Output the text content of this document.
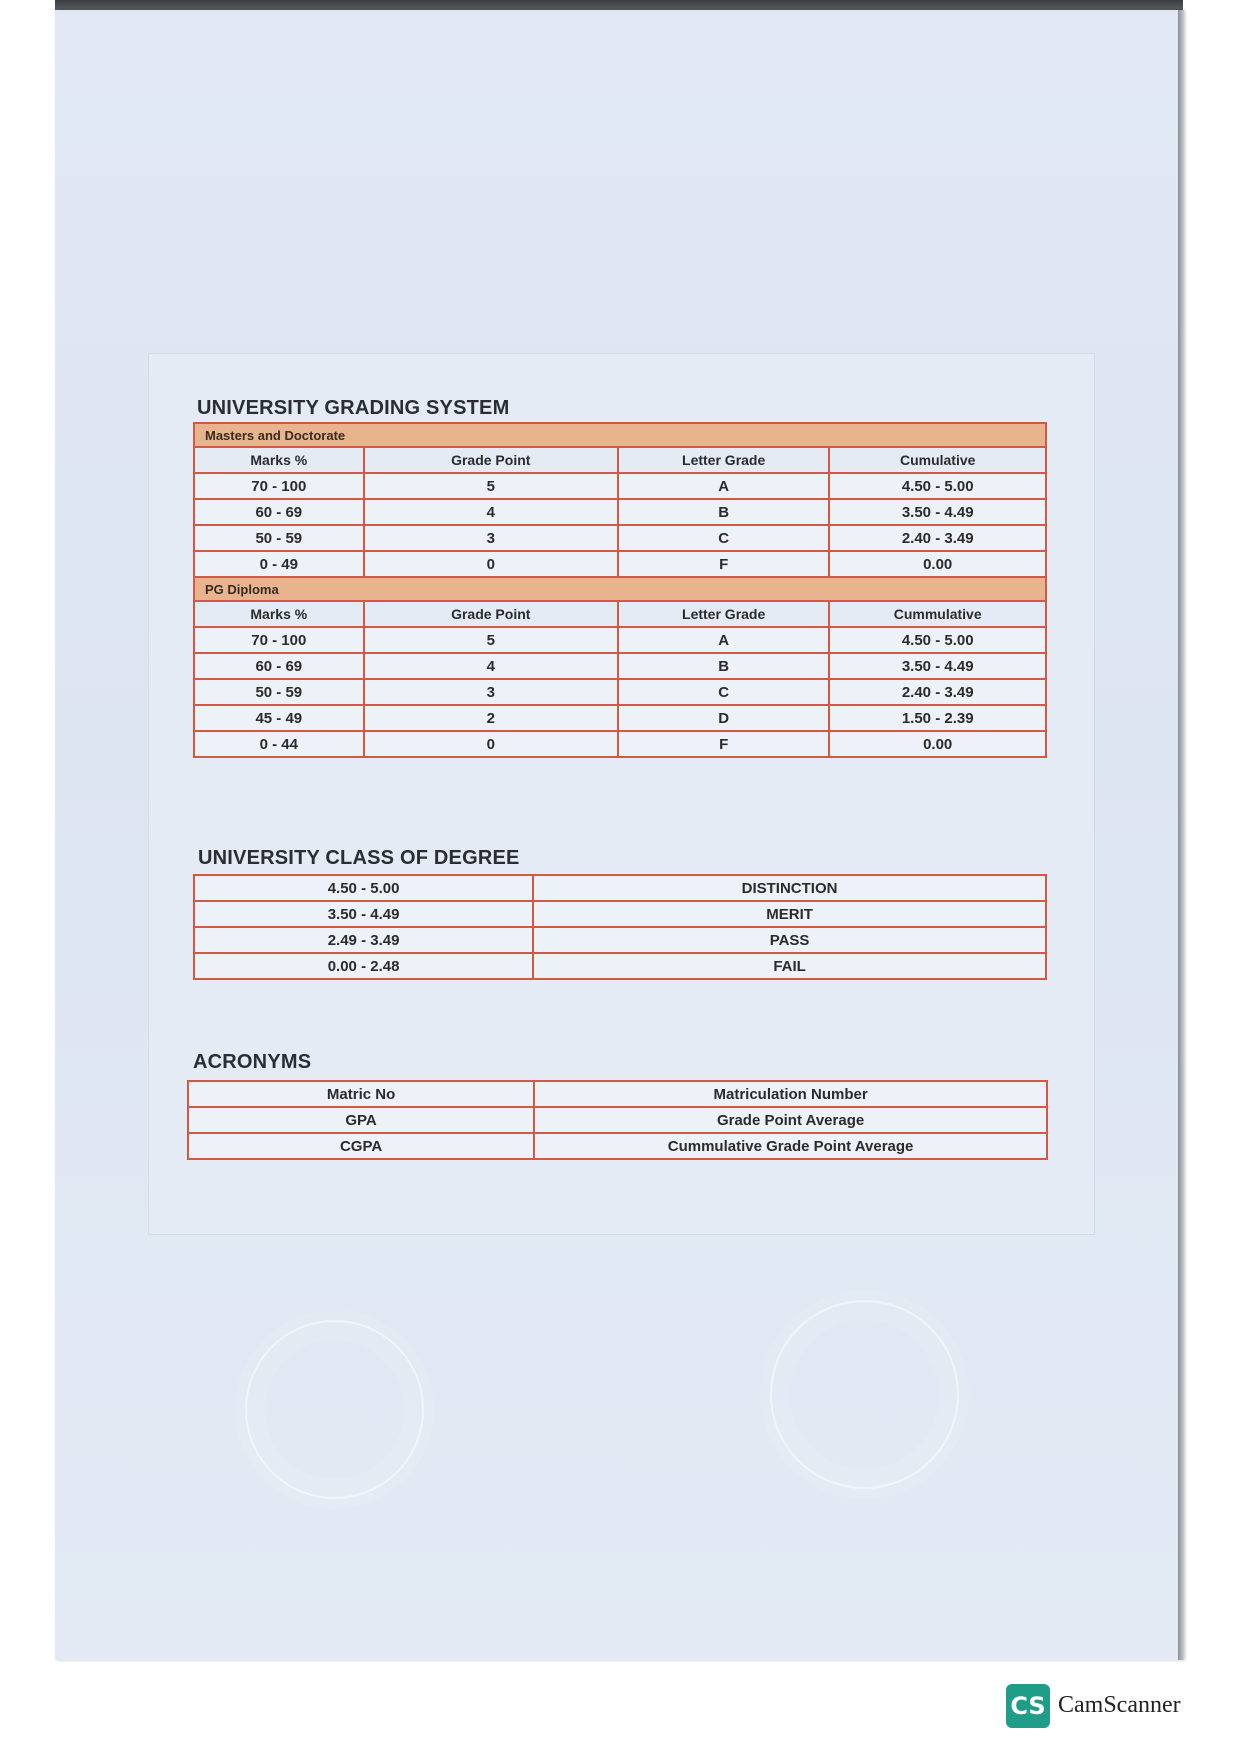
UNIVERSITY GRADING SYSTEM
Masters and Doctorate			
Marks %	Grade Point	Letter Grade	Cumulative
70 - 100	5	A	4.50 - 5.00
60 - 69	4	B	3.50 - 4.49
50 - 59	3	C	2.40 - 3.49
0 - 49	0	F	0.00
PG Diploma			
Marks %	Grade Point	Letter Grade	Cummulative
70 - 100	5	A	4.50 - 5.00
60 - 69	4	B	3.50 - 4.49
50 - 59	3	C	2.40 - 3.49
45 - 49	2	D	1.50 - 2.39
0 - 44	0	F	0.00
UNIVERSITY CLASS OF DEGREE
4.50 - 5.00	DISTINCTION
3.50 - 4.49	MERIT
2.49 - 3.49	PASS
0.00 - 2.48	FAIL
ACRONYMS
Matric No	Matriculation Number
GPA	Grade Point Average
CGPA	Cummulative Grade Point Average
CS CamScanner
